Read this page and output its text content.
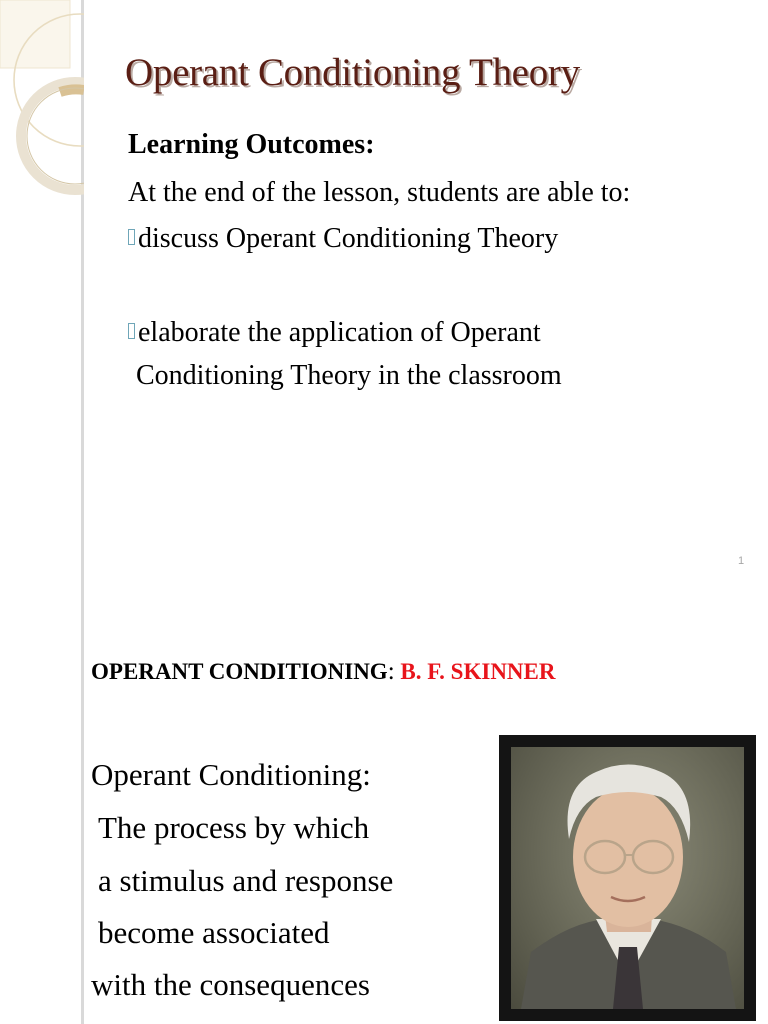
Operant Conditioning Theory
Learning Outcomes:
At the end of the lesson, students are able to:
discuss Operant Conditioning Theory
elaborate the application of Operant
Conditioning Theory in the classroom
1
OPERANT CONDITIONING: B. F. SKINNER
Operant Conditioning:
The process by which
a stimulus and response
become associated
with the consequences
